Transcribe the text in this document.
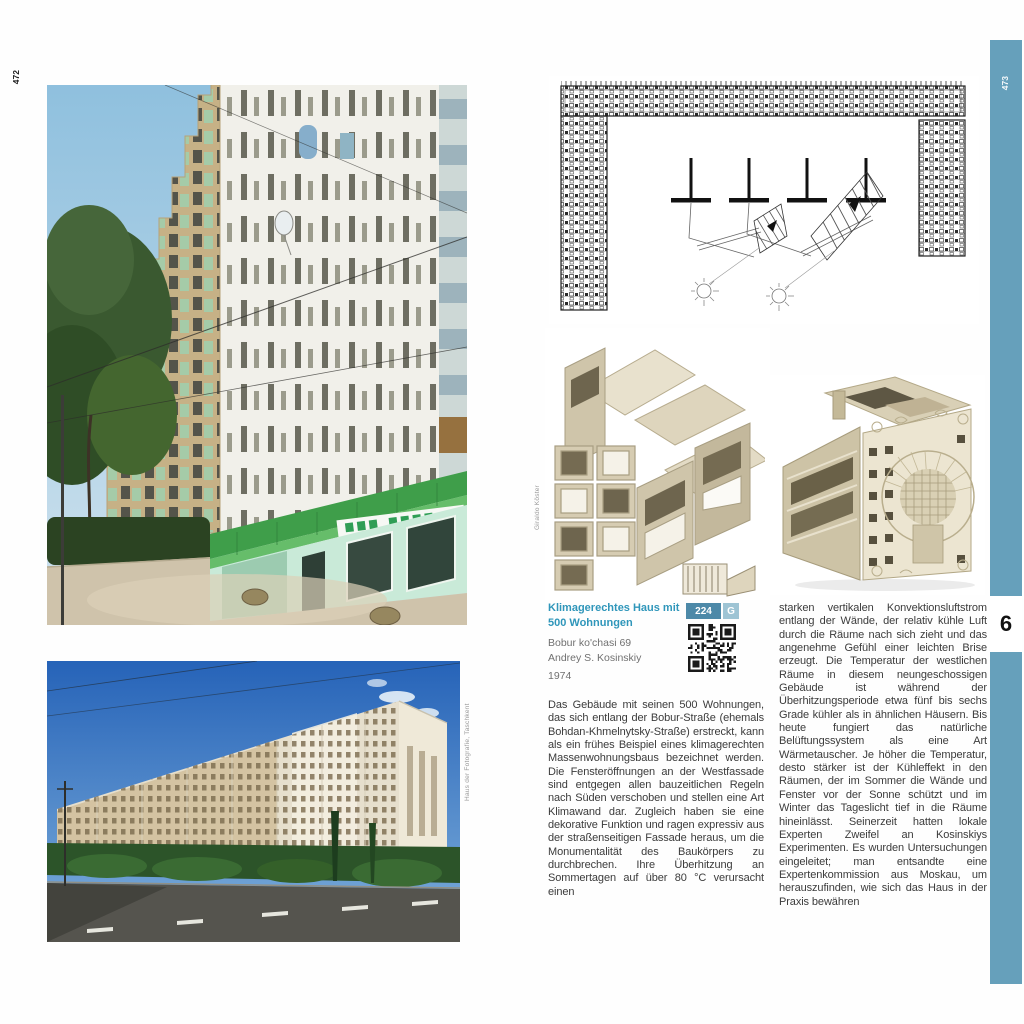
472
Haus der Fotografie, Taschkent
Giraldo Köster
Klimagerechtes Haus mit 500 Wohnungen
Bobur ko'chasi 69
Andrey S. Kosinskiy
1974
224	G
Das Gebäude mit seinen 500 Wohnungen, das sich entlang der Bobur-Straße (ehemals Bohdan-Khmelnytsky-Straße) erstreckt, kann als ein frühes Beispiel eines klimagerechten Massenwohnungsbaus bezeichnet werden. Die Fensteröffnungen an der Westfassade sind entgegen allen bauzeitlichen Regeln nach Süden verschoben und stellen eine Art Klimawand dar. Zugleich haben sie eine dekorative Funktion und ragen expressiv aus der straßenseitigen Fassade heraus, um die Monumentalität des Baukörpers zu durchbrechen. Ihre Überhitzung an Sommertagen auf über 80 °C verursacht einen
starken vertikalen Konvektionsluftstrom entlang der Wände, der relativ kühle Luft durch die Räume nach sich zieht und das angenehme Gefühl einer leichten Brise erzeugt. Die Temperatur der westlichen Räume in diesem neungeschossigen Gebäude ist während der Überhitzungsperiode etwa fünf bis sechs Grade kühler als in ähnlichen Häusern. Bis heute fungiert das natürliche Belüftungssystem als eine Art Wärmetauscher. Je höher die Temperatur, desto stärker ist der Kühleffekt in den Räumen, der im Sommer die Wände und Fenster vor der Sonne schützt und im Winter das Tageslicht tief in die Räume hineinlässt. Seinerzeit hatten lokale Experten Zweifel an Kosinskiys Experimenten. Es wurden Untersuchungen eingeleitet; man entsandte eine Expertenkommission aus Moskau, um herauszufinden, wie sich das Haus in der Praxis bewähren
473
6
